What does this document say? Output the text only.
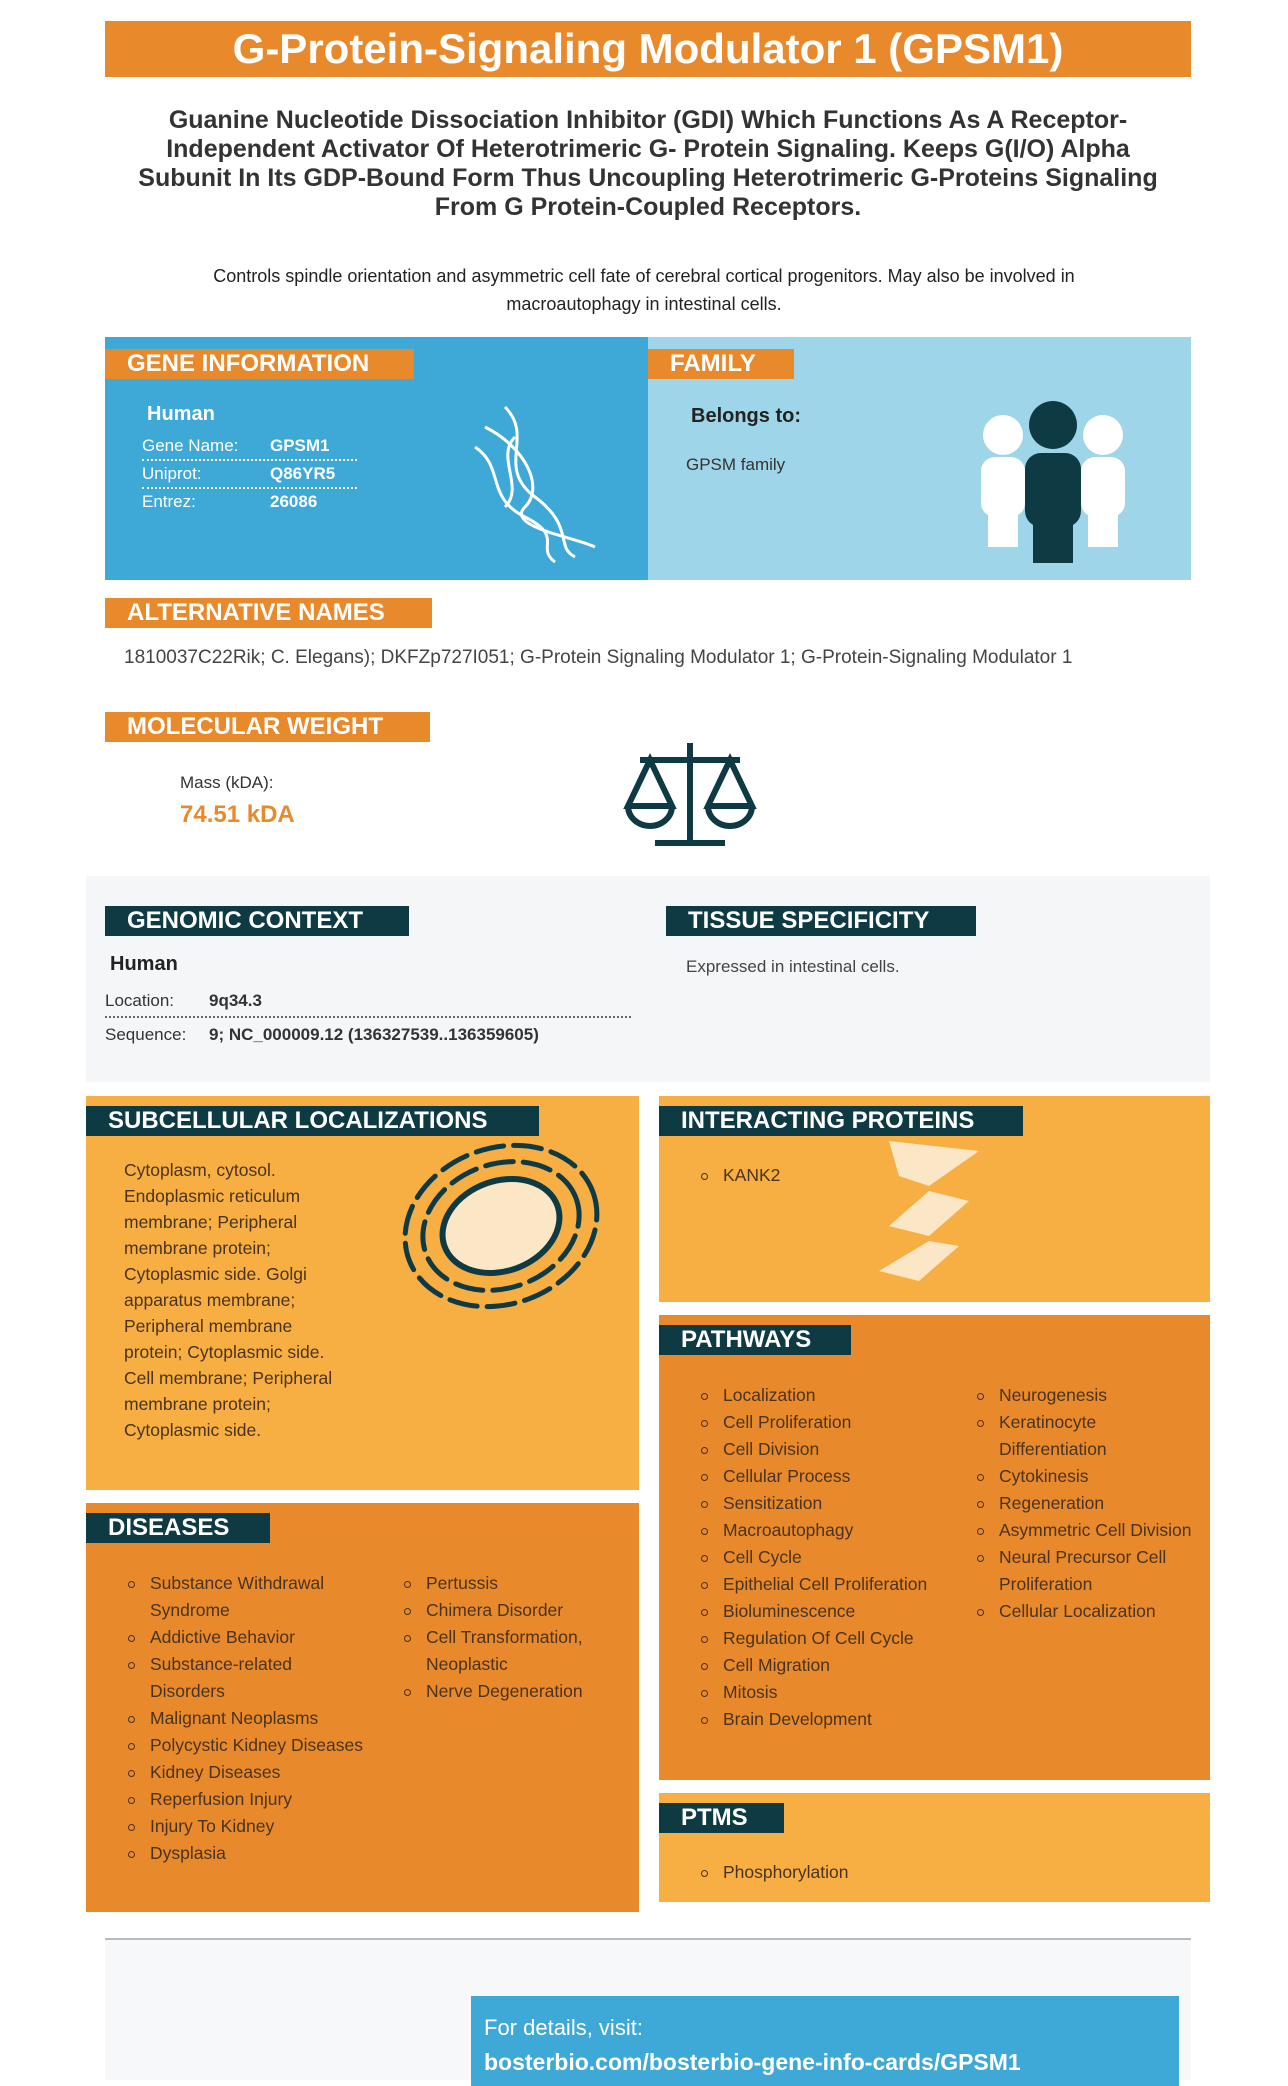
G-Protein-Signaling Modulator 1 (GPSM1)
Guanine Nucleotide Dissociation Inhibitor (GDI) Which Functions As A Receptor-Independent Activator Of Heterotrimeric G- Protein Signaling. Keeps G(I/O) Alpha Subunit In Its GDP-Bound Form Thus Uncoupling Heterotrimeric G-Proteins Signaling From G Protein-Coupled Receptors.
Controls spindle orientation and asymmetric cell fate of cerebral cortical progenitors. May also be involved in macroautophagy in intestinal cells.
GENE INFORMATION
Human
Gene Name:	GPSM1
Uniprot:	Q86YR5
Entrez:	26086
FAMILY
Belongs to:
GPSM family
ALTERNATIVE NAMES
1810037C22Rik; C. Elegans); DKFZp727I051; G-Protein Signaling Modulator 1; G-Protein-Signaling Modulator 1
MOLECULAR WEIGHT
Mass (kDA):
74.51 kDA
GENOMIC CONTEXT
Human
Location:	9q34.3
Sequence:	9; NC_000009.12 (136327539..136359605)
TISSUE SPECIFICITY
Expressed in intestinal cells.
SUBCELLULAR LOCALIZATIONS
Cytoplasm, cytosol. Endoplasmic reticulum membrane; Peripheral membrane protein; Cytoplasmic side. Golgi apparatus membrane; Peripheral membrane protein; Cytoplasmic side. Cell membrane; Peripheral membrane protein; Cytoplasmic side.
INTERACTING PROTEINS
KANK2
PATHWAYS
Localization
Cell Proliferation
Cell Division
Cellular Process
Sensitization
Macroautophagy
Cell Cycle
Epithelial Cell Proliferation
Bioluminescence
Regulation Of Cell Cycle
Cell Migration
Mitosis
Brain Development
Neurogenesis
Keratinocyte Differentiation
Cytokinesis
Regeneration
Asymmetric Cell Division
Neural Precursor Cell Proliferation
Cellular Localization
DISEASES
Substance Withdrawal Syndrome
Addictive Behavior
Substance-related Disorders
Malignant Neoplasms
Polycystic Kidney Diseases
Kidney Diseases
Reperfusion Injury
Injury To Kidney
Dysplasia
Pertussis
Chimera Disorder
Cell Transformation, Neoplastic
Nerve Degeneration
PTMS
Phosphorylation
For details, visit:
bosterbio.com/bosterbio-gene-info-cards/GPSM1
